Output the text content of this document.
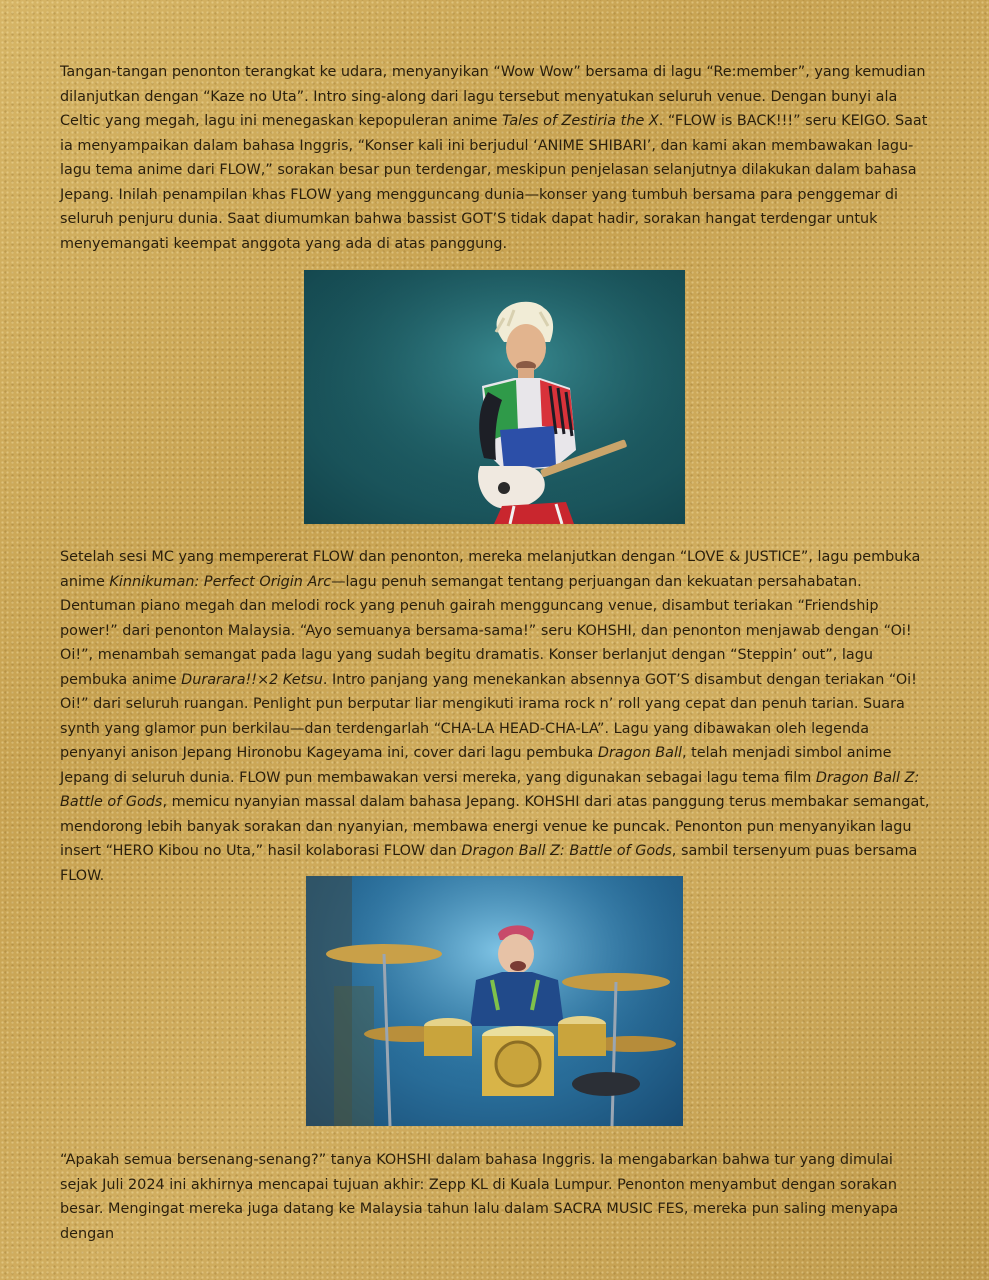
Tangan-tangan penonton terangkat ke udara, menyanyikan “Wow Wow” bersama di lagu “Re:member”, yang kemudian dilanjutkan dengan “Kaze no Uta”. Intro sing-along dari lagu tersebut menyatukan seluruh venue. Dengan bunyi ala Celtic yang megah, lagu ini menegaskan kepopuleran anime Tales of Zestiria the X. “FLOW is BACK!!!” seru KEIGO. Saat ia menyampaikan dalam bahasa Inggris, “Konser kali ini berjudul ‘ANIME SHIBARI’, dan kami akan membawakan lagu-lagu tema anime dari FLOW,” sorakan besar pun terdengar, meskipun penjelasan selanjutnya dilakukan dalam bahasa Jepang. Inilah penampilan khas FLOW yang mengguncang dunia—konser yang tumbuh bersama para penggemar di seluruh penjuru dunia. Saat diumumkan bahwa bassist GOT’S tidak dapat hadir, sorakan hangat terdengar untuk menyemangati keempat anggota yang ada di atas panggung.

Setelah sesi MC yang mempererat FLOW dan penonton, mereka melanjutkan dengan “LOVE & JUSTICE”, lagu pembuka anime Kinnikuman: Perfect Origin Arc—lagu penuh semangat tentang perjuangan dan kekuatan persahabatan. Dentuman piano megah dan melodi rock yang penuh gairah mengguncang venue, disambut teriakan “Friendship power!” dari penonton Malaysia. “Ayo semuanya bersama-sama!” seru KOHSHI, dan penonton menjawab dengan “Oi! Oi!”, menambah semangat pada lagu yang sudah begitu dramatis. Konser berlanjut dengan “Steppin’ out”, lagu pembuka anime Durarara!!×2 Ketsu. Intro panjang yang menekankan absennya GOT’S disambut dengan teriakan “Oi! Oi!” dari seluruh ruangan. Penlight pun berputar liar mengikuti irama rock n’ roll yang cepat dan penuh tarian. Suara synth yang glamor pun berkilau—dan terdengarlah “CHA-LA HEAD-CHA-LA”. Lagu yang dibawakan oleh legenda penyanyi anison Jepang Hironobu Kageyama ini, cover dari lagu pembuka Dragon Ball, telah menjadi simbol anime Jepang di seluruh dunia. FLOW pun membawakan versi mereka, yang digunakan sebagai lagu tema film Dragon Ball Z: Battle of Gods, memicu nyanyian massal dalam bahasa Jepang. KOHSHI dari atas panggung terus membakar semangat, mendorong lebih banyak sorakan dan nyanyian, membawa energi venue ke puncak. Penonton pun menyanyikan lagu insert “HERO Kibou no Uta,” hasil kolaborasi FLOW dan Dragon Ball Z: Battle of Gods, sambil tersenyum puas bersama FLOW.

“Apakah semua bersenang-senang?” tanya KOHSHI dalam bahasa Inggris. Ia mengabarkan bahwa tur yang dimulai sejak Juli 2024 ini akhirnya mencapai tujuan akhir: Zepp KL di Kuala Lumpur. Penonton menyambut dengan sorakan besar. Mengingat mereka juga datang ke Malaysia tahun lalu dalam SACRA MUSIC FES, mereka pun saling menyapa dengan
